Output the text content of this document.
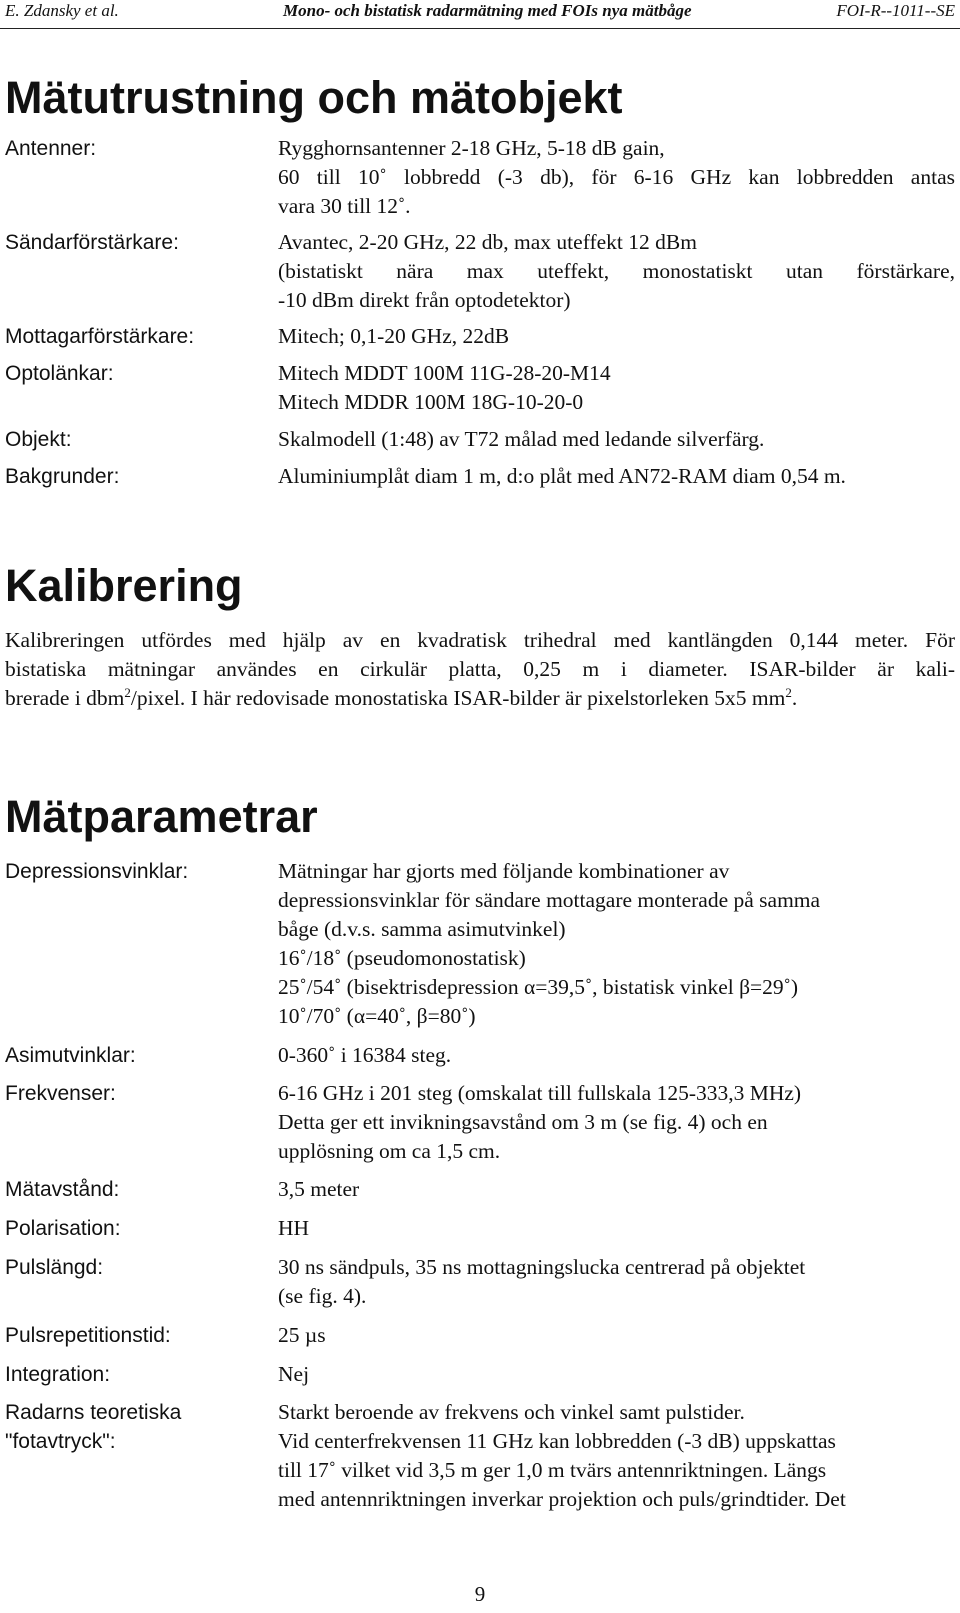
E. Zdansky et al.	Mono- och bistatisk radarmätning med FOIs nya mätbåge	FOI-R--1011--SE
Mätutrustning och mätobjekt
Antenner:	Rygghornsantenner 2-18 GHz, 5-18 dB gain,
60 till 10˚ lobbredd (-3 db), för 6-16 GHz kan lobbredden antas
vara 30 till 12˚.
Sändarförstärkare:	Avantec, 2-20 GHz, 22 db, max uteffekt 12 dBm
(bistatiskt nära max uteffekt, monostatiskt utan förstärkare,
-10 dBm direkt från optodetektor)
Mottagarförstärkare:	Mitech; 0,1-20 GHz, 22dB
Optolänkar:	Mitech MDDT 100M 11G-28-20-M14
Mitech MDDR 100M 18G-10-20-0
Objekt:	Skalmodell (1:48) av T72 målad med ledande silverfärg.
Bakgrunder:	Aluminiumplåt diam 1 m, d:o plåt med AN72-RAM diam 0,54 m.
Kalibrering
Kalibreringen utfördes med hjälp av en kvadratisk trihedral med kantlängden 0,144 meter. För
bistatiska mätningar användes en cirkulär platta, 0,25 m i diameter. ISAR-bilder är kali-
brerade i dbm$^2$/pixel. I här redovisade monostatiska ISAR-bilder är pixelstorleken 5x5 $mm^2$.
Mätparametrar
Depressionsvinklar:	Mätningar har gjorts med följande kombinationer av
depressionsvinklar för sändare mottagare monterade på samma
båge (d.v.s. samma asimutvinkel)
16˚/18˚ (pseudomonostatisk)
25˚/54˚ (bisektrisdepression α=39,5˚, bistatisk vinkel β=29˚)
10˚/70˚ (α=40˚, β=80˚)
Asimutvinklar:	0-360˚ i 16384 steg.
Frekvenser:	6-16 GHz i 201 steg (omskalat till fullskala 125-333,3 MHz)
Detta ger ett invikningsavstånd om 3 m (se fig. 4) och en
upplösning om ca 1,5 cm.
Mätavstånd:	3,5 meter
Polarisation:	HH
Pulslängd:	30 ns sändpuls, 35 ns mottagningslucka centrerad på objektet
(se fig. 4).
Pulsrepetitionstid:	25 µs
Integration:	Nej
Radarns teoretiska
"fotavtryck":
Starkt beroende av frekvens och vinkel samt pulstider.
Vid centerfrekvensen 11 GHz kan lobbredden (-3 dB) uppskattas
till 17˚ vilket vid 3,5 m ger 1,0 m tvärs antennriktningen. Längs
med antennriktningen inverkar projektion och puls/grindtider. Det
9
